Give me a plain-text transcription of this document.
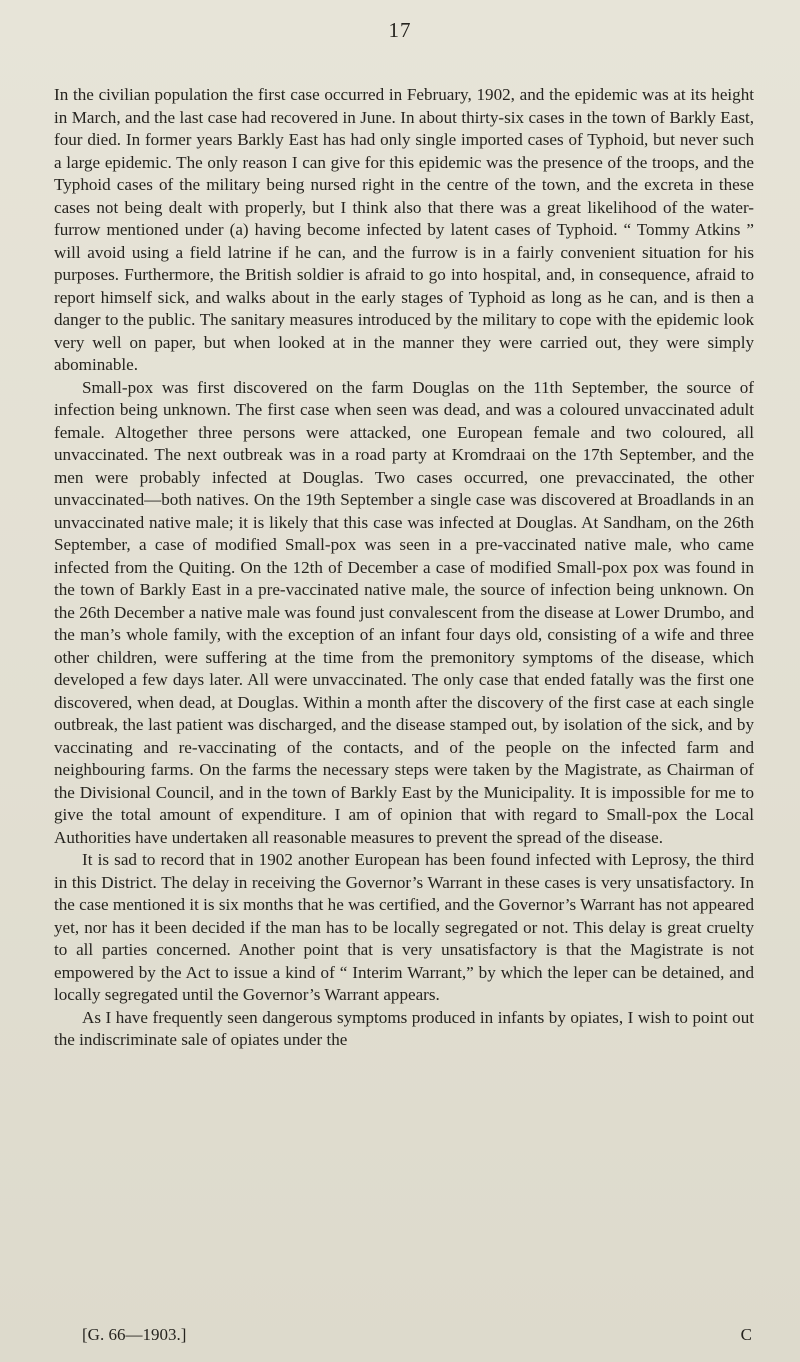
17

In the civilian population the first case occurred in February, 1902, and the epidemic was at its height in March, and the last case had recovered in June. In about thirty-six cases in the town of Barkly East, four died. In former years Barkly East has had only single imported cases of Typhoid, but never such a large epidemic. The only reason I can give for this epidemic was the presence of the troops, and the Typhoid cases of the military being nursed right in the centre of the town, and the excreta in these cases not being dealt with properly, but I think also that there was a great likelihood of the water-furrow mentioned under (a) having become infected by latent cases of Typhoid. “ Tommy Atkins ” will avoid using a field latrine if he can, and the furrow is in a fairly convenient situation for his purposes. Furthermore, the British soldier is afraid to go into hospital, and, in consequence, afraid to report himself sick, and walks about in the early stages of Typhoid as long as he can, and is then a danger to the public. The sanitary measures introduced by the military to cope with the epidemic look very well on paper, but when looked at in the manner they were carried out, they were simply abominable.

Small-pox was first discovered on the farm Douglas on the 11th September, the source of infection being unknown. The first case when seen was dead, and was a coloured unvaccinated adult female. Altogether three persons were attacked, one European female and two coloured, all unvaccinated. The next outbreak was in a road party at Kromdraai on the 17th September, and the men were probably infected at Douglas. Two cases occurred, one prevaccinated, the other unvaccinated—both natives. On the 19th September a single case was discovered at Broadlands in an unvaccinated native male; it is likely that this case was infected at Douglas. At Sandham, on the 26th September, a case of modified Small-pox was seen in a pre-vaccinated native male, who came infected from the Quiting. On the 12th of December a case of modified Small-pox pox was found in the town of Barkly East in a pre-vaccinated native male, the source of infection being unknown. On the 26th December a native male was found just convalescent from the disease at Lower Drumbo, and the man’s whole family, with the exception of an infant four days old, consisting of a wife and three other children, were suffering at the time from the premonitory symptoms of the disease, which developed a few days later. All were unvaccinated. The only case that ended fatally was the first one discovered, when dead, at Douglas. Within a month after the discovery of the first case at each single outbreak, the last patient was discharged, and the disease stamped out, by isolation of the sick, and by vaccinating and re-vaccinating of the contacts, and of the people on the infected farm and neighbouring farms. On the farms the necessary steps were taken by the Magistrate, as Chairman of the Divisional Council, and in the town of Barkly East by the Municipality. It is impossible for me to give the total amount of expenditure. I am of opinion that with regard to Small-pox the Local Authorities have undertaken all reasonable measures to prevent the spread of the disease.

It is sad to record that in 1902 another European has been found infected with Leprosy, the third in this District. The delay in receiving the Governor’s Warrant in these cases is very unsatisfactory. In the case mentioned it is six months that he was certified, and the Governor’s Warrant has not appeared yet, nor has it been decided if the man has to be locally segregated or not. This delay is great cruelty to all parties concerned. Another point that is very unsatisfactory is that the Magistrate is not empowered by the Act to issue a kind of “ Interim Warrant,” by which the leper can be detained, and locally segregated until the Governor’s Warrant appears.

As I have frequently seen dangerous symptoms produced in infants by opiates, I wish to point out the indiscriminate sale of opiates under the

[G. 66—1903.]	C
